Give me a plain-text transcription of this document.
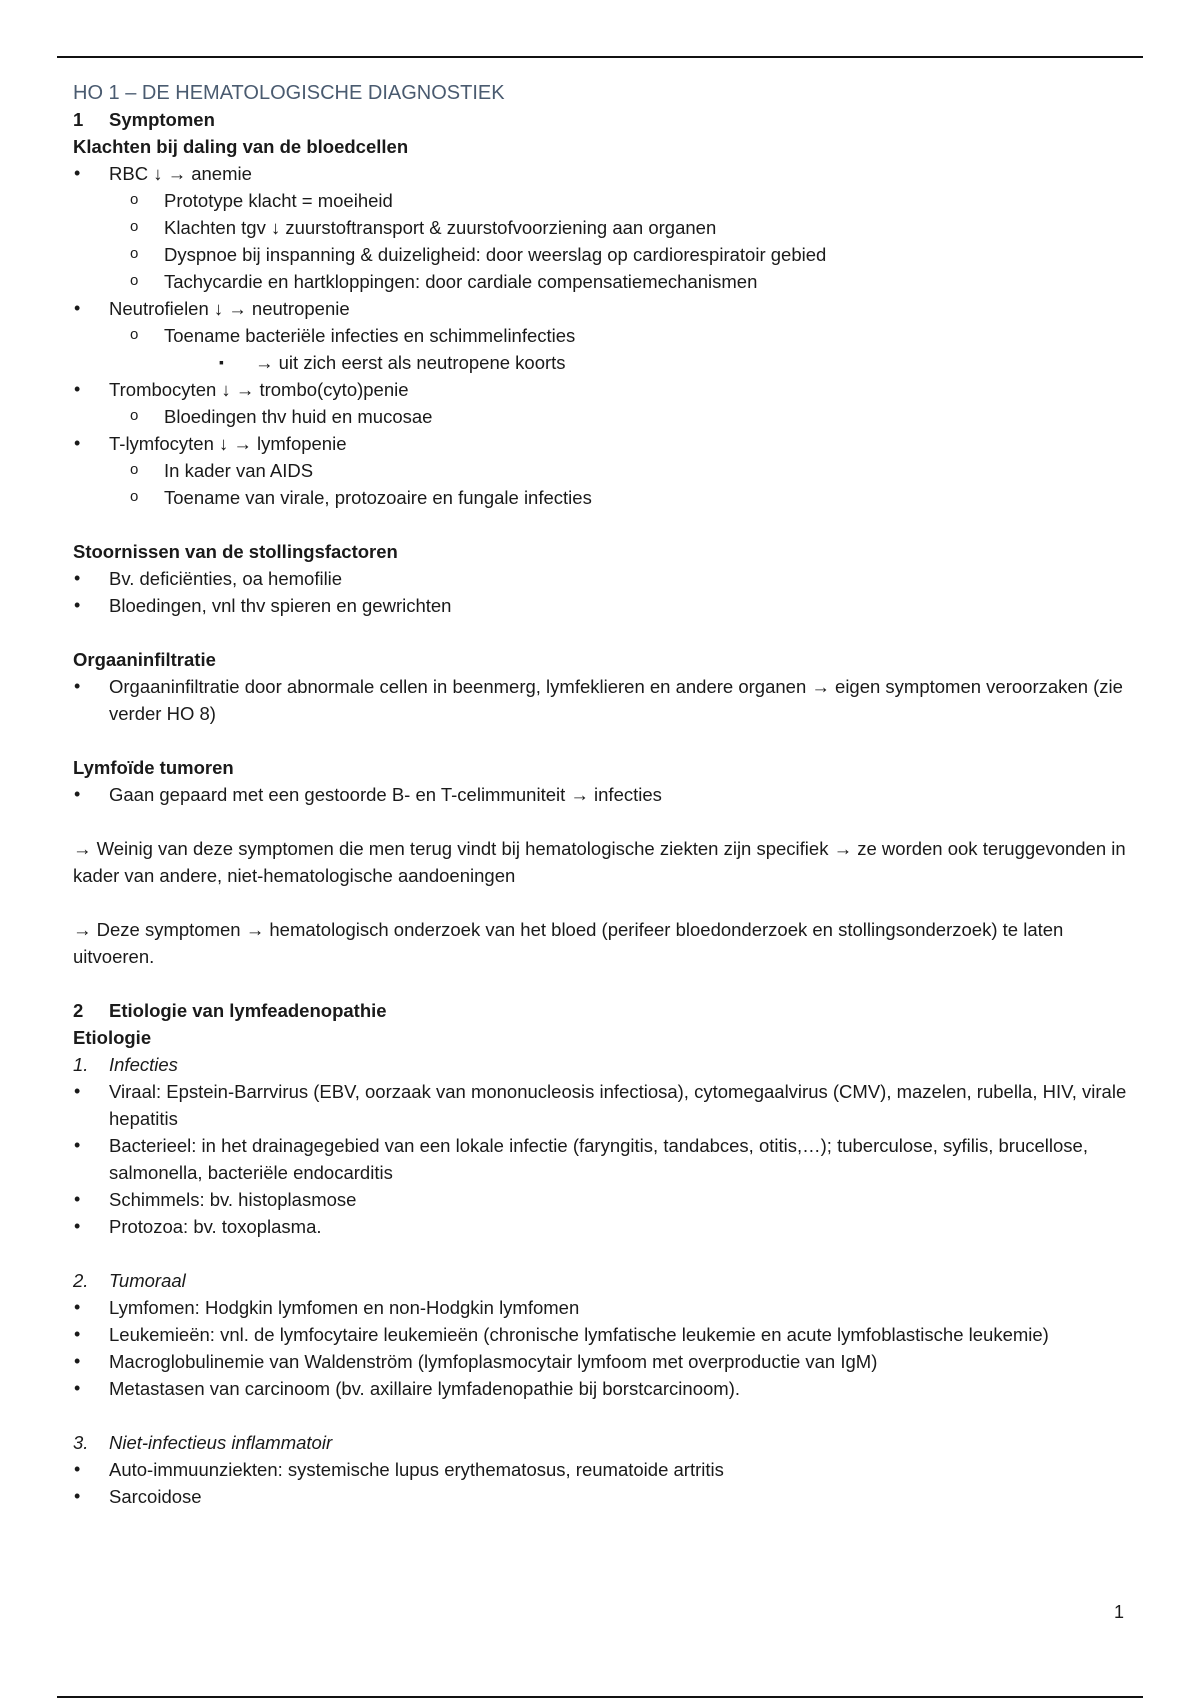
HO 1 – DE HEMATOLOGISCHE DIAGNOSTIEK
1	Symptomen
Klachten bij daling van de bloedcellen
• RBC ↓ → anemie
o Prototype klacht = moeiheid
o Klachten tgv ↓ zuurstoftransport & zuurstofvoorziening aan organen
o Dyspnoe bij inspanning & duizeligheid: door weerslag op cardiorespiratoir gebied
o Tachycardie en hartkloppingen: door cardiale compensatiemechanismen
• Neutrofielen ↓ → neutropenie
o Toename bacteriële infecties en schimmelinfecties
▪ → uit zich eerst als neutropene koorts
• Trombocyten ↓ → trombo(cyto)penie
o Bloedingen thv huid en mucosae
• T-lymfocyten ↓ → lymfopenie
o In kader van AIDS
o Toename van virale, protozoaire en fungale infecties
Stoornissen van de stollingsfactoren
• Bv. deficiënties, oa hemofilie
• Bloedingen, vnl thv spieren en gewrichten
Orgaaninfiltratie
• Orgaaninfiltratie door abnormale cellen in beenmerg, lymfeklieren en andere organen → eigen symptomen veroorzaken (zie verder HO 8)
Lymfoïde tumoren
• Gaan gepaard met een gestoorde B- en T-celimmuniteit → infecties
→ Weinig van deze symptomen die men terug vindt bij hematologische ziekten zijn specifiek → ze worden ook teruggevonden in kader van andere, niet-hematologische aandoeningen
→ Deze symptomen → hematologisch onderzoek van het bloed (perifeer bloedonderzoek en stollingsonderzoek) te laten uitvoeren.
2	Etiologie van lymfeadenopathie
Etiologie
1.	Infecties
• Viraal: Epstein-Barrvirus (EBV, oorzaak van mononucleosis infectiosa), cytomegaalvirus (CMV), mazelen, rubella, HIV, virale hepatitis
• Bacterieel: in het drainagegebied van een lokale infectie (faryngitis, tandabces, otitis,…); tuberculose, syfilis, brucellose, salmonella, bacteriële endocarditis
• Schimmels: bv. histoplasmose
• Protozoa: bv. toxoplasma.
2.	Tumoraal
• Lymfomen: Hodgkin lymfomen en non-Hodgkin lymfomen
• Leukemieën: vnl. de lymfocytaire leukemieën (chronische lymfatische leukemie en acute lymfoblastische leukemie)
• Macroglobulinemie van Waldenström (lymfoplasmocytair lymfoom met overproductie van IgM)
• Metastasen van carcinoom (bv. axillaire lymfadenopathie bij borstcarcinoom).
3.	Niet-infectieus inflammatoir
• Auto-immuunziekten: systemische lupus erythematosus, reumatoide artritis
• Sarcoidose
1
